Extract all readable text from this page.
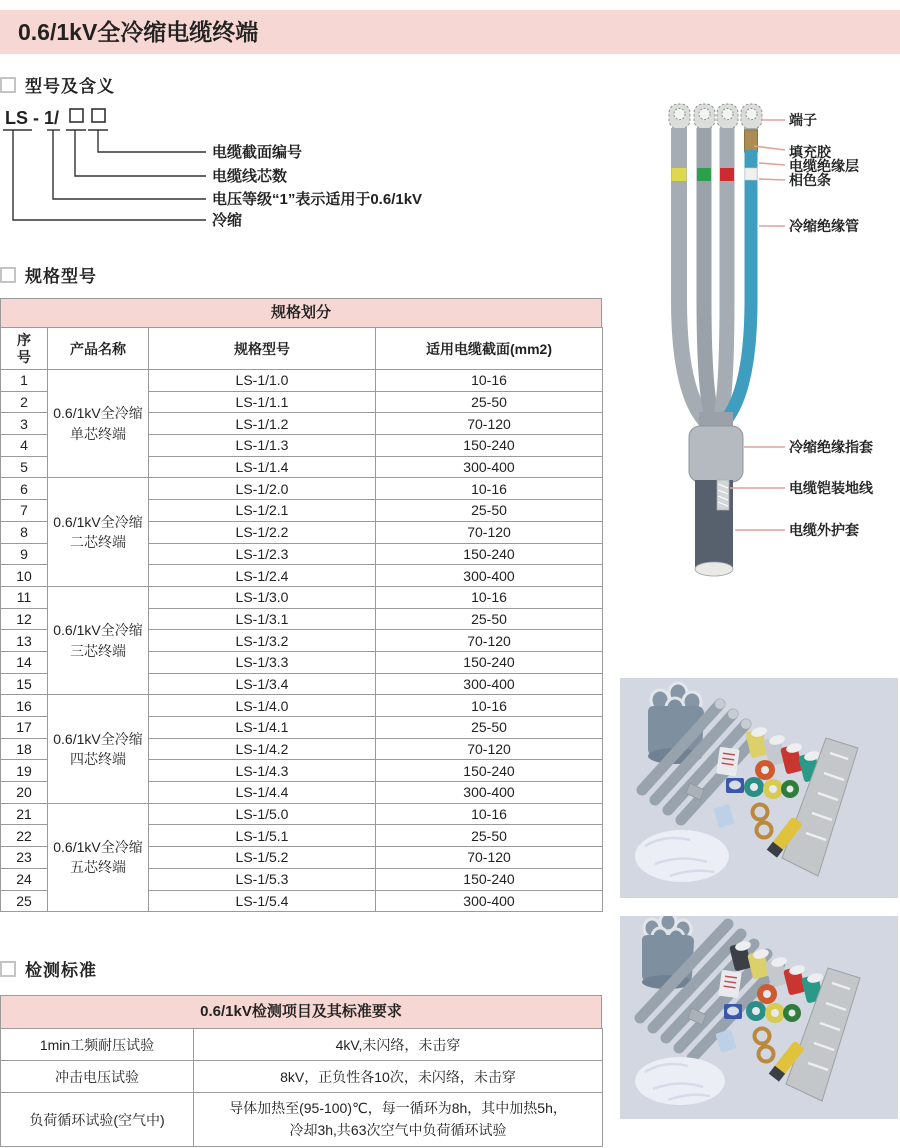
0.6/1kV全冷缩电缆终端
型号及含义
LS - 1/
电缆截面编号
电缆线芯数
电压等级“1”表示适用于0.6/1kV
冷缩
规格型号
规格划分
序号	产品名称	规格型号	适用电缆截面(mm2)
1	0.6/1kV全冷缩单芯终端	LS-1/1.0	10-16
2		LS-1/1.1	25-50
3		LS-1/1.2	70-120
4		LS-1/1.3	150-240
5		LS-1/1.4	300-400
6	0.6/1kV全冷缩二芯终端	LS-1/2.0	10-16
7		LS-1/2.1	25-50
8		LS-1/2.2	70-120
9		LS-1/2.3	150-240
10		LS-1/2.4	300-400
11	0.6/1kV全冷缩三芯终端	LS-1/3.0	10-16
12		LS-1/3.1	25-50
13		LS-1/3.2	70-120
14		LS-1/3.3	150-240
15		LS-1/3.4	300-400
16	0.6/1kV全冷缩四芯终端	LS-1/4.0	10-16
17		LS-1/4.1	25-50
18		LS-1/4.2	70-120
19		LS-1/4.3	150-240
20		LS-1/4.4	300-400
21	0.6/1kV全冷缩五芯终端	LS-1/5.0	10-16
22		LS-1/5.1	25-50
23		LS-1/5.2	70-120
24		LS-1/5.3	150-240
25		LS-1/5.4	300-400
检测标准
0.6/1kV检测项目及其标准要求
1min工频耐压试验	4kV,未闪络，未击穿
冲击电压试验	8kV，正负性各10次，未闪络，未击穿
负荷循环试验(空气中)	导体加热至(95-100)℃，每一循环为8h，其中加热5h，
冷却3h,共63次空气中负荷循环试验
端子
填充胶
电缆绝缘层
相色条
冷缩绝缘管
冷缩绝缘指套
电缆铠装地线
电缆外护套
